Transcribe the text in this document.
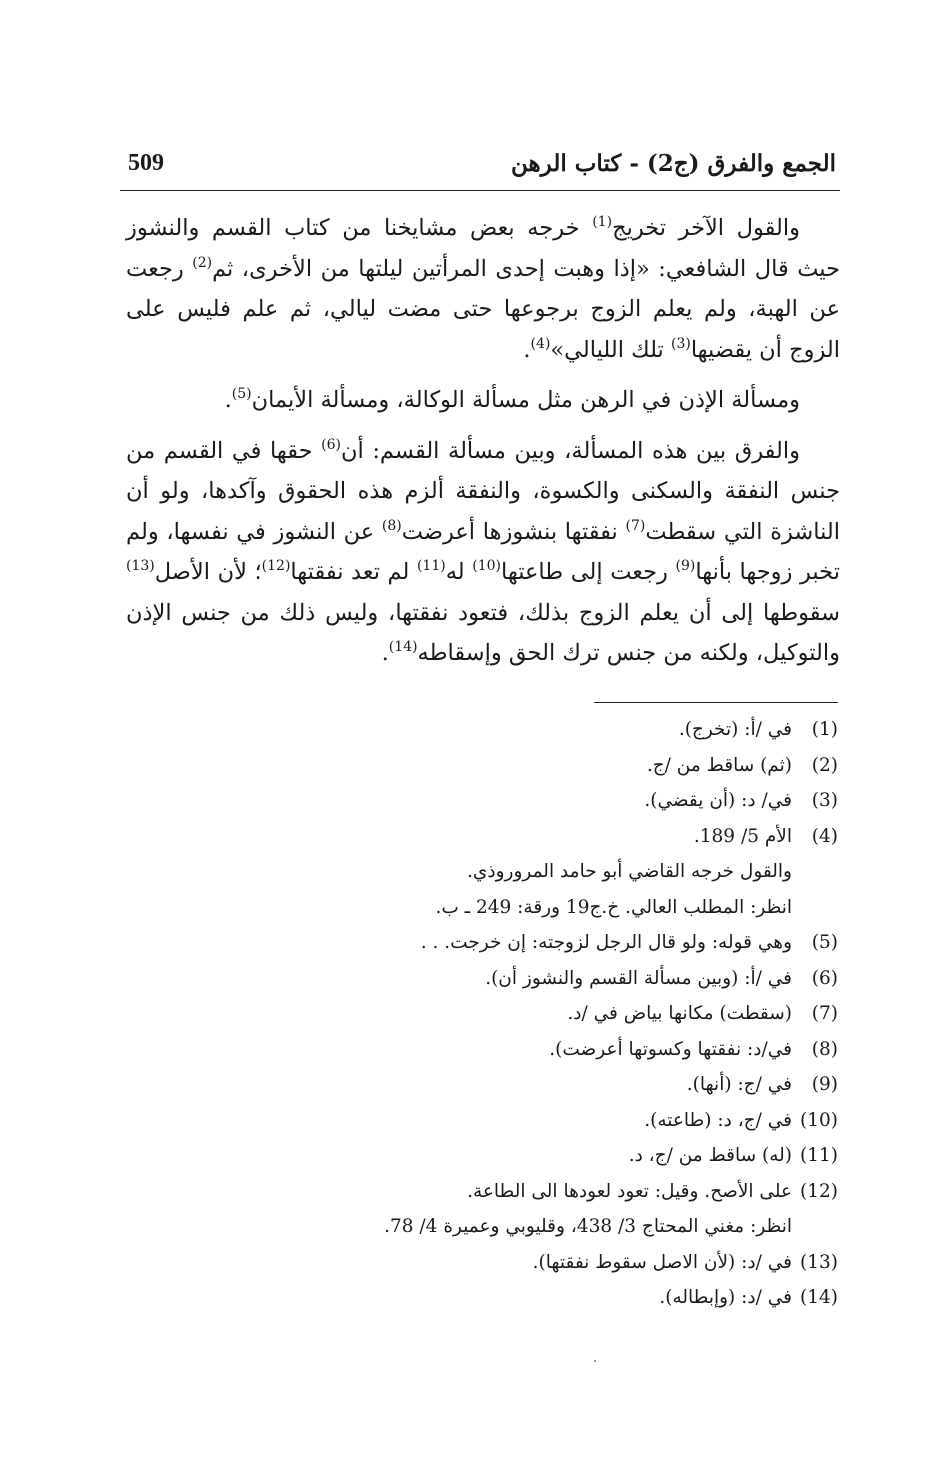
509	الجمع والفرق (ج2) - كتاب الرهن

والقول الآخر تخريج$^{(1)}$ خرجه بعض مشايخنا من كتاب القسم والنشوز حيث قال الشافعي: «إذا وهبت إحدى المرأتين ليلتها من الأخرى، ثم$^{(2)}$ رجعت عن الهبة، ولم يعلم الزوج برجوعها حتى مضت ليالي، ثم علم فليس على الزوج أن يقضيها$^{(3)}$ تلك الليالي»$^{(4)}$.

ومسألة الإذن في الرهن مثل مسألة الوكالة، ومسألة الأيمان$^{(5)}$.

والفرق بين هذه المسألة، وبين مسألة القسم: أن$^{(6)}$ حقها في القسم من جنس النفقة والسكنى والكسوة، والنفقة ألزم هذه الحقوق وآكدها، ولو أن الناشزة التي سقطت$^{(7)}$ نفقتها بنشوزها أعرضت$^{(8)}$ عن النشوز في نفسها، ولم تخبر زوجها بأنها$^{(9)}$ رجعت إلى طاعتها$^{(10)}$ له$^{(11)}$ لم تعد نفقتها$^{(12)}$؛ لأن الأصل$^{(13)}$ سقوطها إلى أن يعلم الزوج بذلك، فتعود نفقتها، وليس ذلك من جنس الإذن والتوكيل، ولكنه من جنس ترك الحق وإسقاطه$^{(14)}$.

(1)
في /أ: (تخرج).
(2)
(ثم) ساقط من /ج.
(3)
في/ د: (أن يقضي).
(4)
الأم 5/ 189.
والقول خرجه القاضي أبو حامد المروروذي.
انظر: المطلب العالي. خ.ج19 ورقة: 249 ـ ب.
(5)
وهي قوله: ولو قال الرجل لزوجته: إن خرجت. . .
(6)
في /أ: (وبين مسألة القسم والنشوز أن).
(7)
(سقطت) مكانها بياض في /د.
(8)
في/د: نفقتها وكسوتها أعرضت).
(9)
في /ج: (أنها).
(10)
في /ج، د: (طاعته).
(11)
(له) ساقط من /ج، د.
(12)
على الأصح. وقيل: تعود لعودها الى الطاعة.
انظر: مغني المحتاج 3/ 438، وقليوبي وعميرة 4/ 78.
(13)
في /د: (لأن الاصل سقوط نفقتها).
(14)
في /د: (وإبطاله).
